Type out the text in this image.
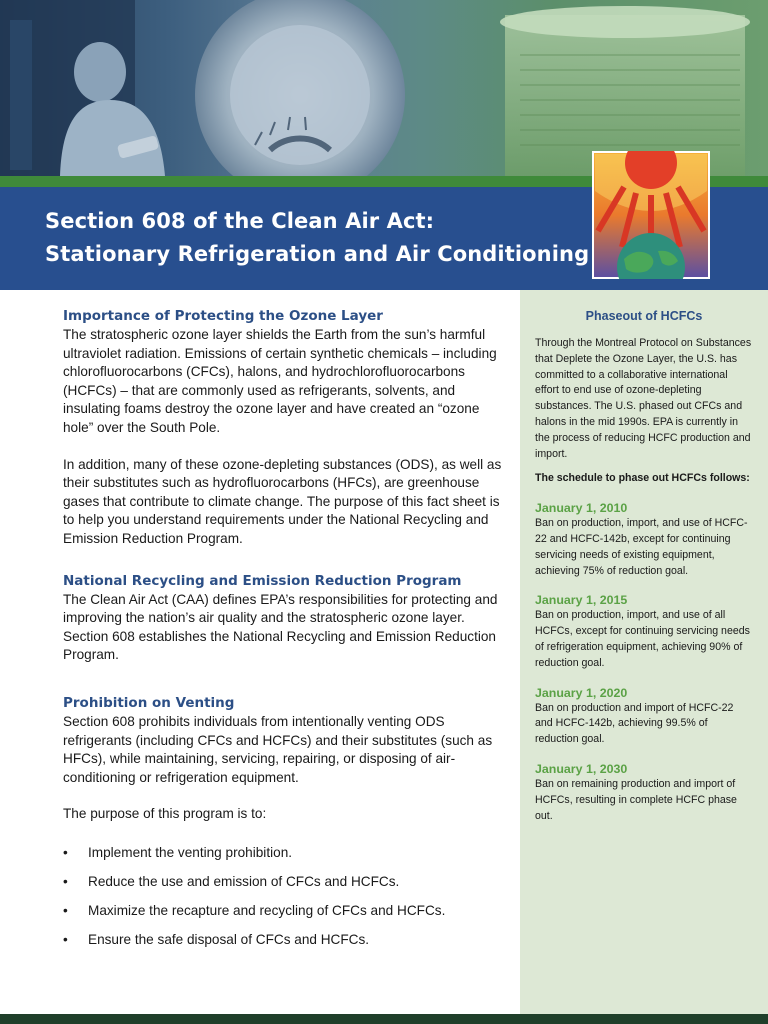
Section 608 of the Clean Air Act:
Stationary Refrigeration and Air Conditioning
Importance of Protecting the Ozone Layer

The stratospheric ozone layer shields the Earth from the sun’s harmful ultraviolet radiation. Emissions of certain synthetic chemicals – including chlorofluorocarbons (CFCs), halons, and hydrochlorofluorocarbons (HCFCs) – that are commonly used as refrigerants, solvents, and insulating foams destroy the ozone layer and have created an “ozone hole” over the South Pole.

In addition, many of these ozone-depleting substances (ODS), as well as their substitutes such as hydrofluorocarbons (HFCs), are greenhouse gases that contribute to climate change. The purpose of this fact sheet is to help you understand requirements under the National Recycling and Emission Reduction Program.

National Recycling and Emission Reduction Program

The Clean Air Act (CAA) defines EPA’s responsibilities for protecting and improving the nation’s air quality and the stratospheric ozone layer. Section 608 establishes the National Recycling and Emission Reduction Program.

Prohibition on Venting

Section 608 prohibits individuals from intentionally venting ODS refrigerants (including CFCs and HCFCs) and their substitutes (such as HFCs), while maintaining, servicing, repairing, or disposing of air-conditioning or refrigeration equipment.

The purpose of this program is to:

• Implement the venting prohibition.
• Reduce the use and emission of CFCs and HCFCs.
• Maximize the recapture and recycling of CFCs and HCFCs.
• Ensure the safe disposal of CFCs and HCFCs.
Phaseout of HCFCs

Through the Montreal Protocol on Substances that Deplete the Ozone Layer, the U.S. has committed to a collaborative international effort to end use of ozone-depleting substances. The U.S. phased out CFCs and halons in the mid 1990s. EPA is currently in the process of reducing HCFC production and import.

The schedule to phase out HCFCs follows:

January 1, 2010

Ban on production, import, and use of HCFC-22 and HCFC-142b, except for continuing servicing needs of existing equipment, achieving 75% of reduction goal.

January 1, 2015

Ban on production, import, and use of all HCFCs, except for continuing servicing needs of refrigeration equipment, achieving 90% of reduction goal.

January 1, 2020

Ban on production and import of HCFC-22 and HCFC-142b, achieving 99.5% of reduction goal.

January 1, 2030

Ban on remaining production and import of HCFCs, resulting in complete HCFC phase out.
